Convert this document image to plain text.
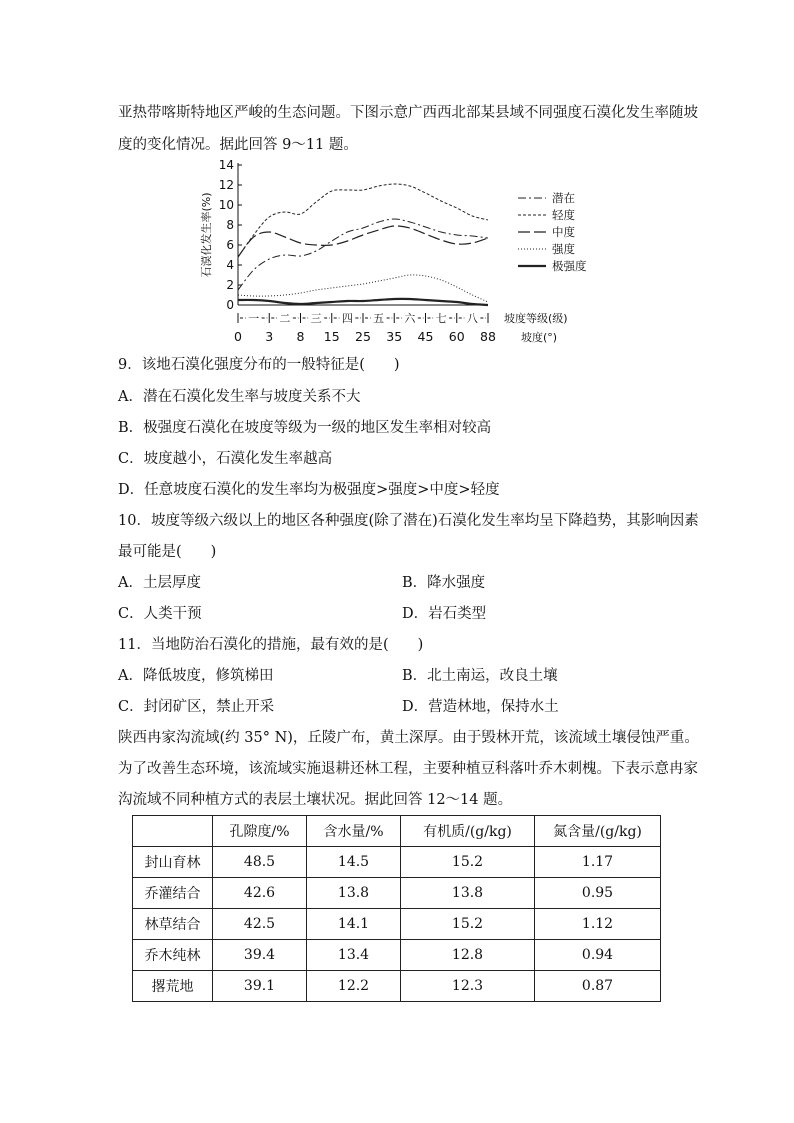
亚热带喀斯特地区严峻的生态问题。下图示意广西西北部某县域不同强度石漠化发生率随坡
度的变化情况。据此回答 9～11 题。
0
2
4
6
8
10
12
14
石漠化发生率(%)
一 二 三 四 五 六 七 八 坡度等级(级)
0 3 8 15 25 35 45 60 88 坡度(°)
潜在
轻度
中度
强度
极强度
9．该地石漠化强度分布的一般特征是(　　)
A．潜在石漠化发生率与坡度关系不大
B．极强度石漠化在坡度等级为一级的地区发生率相对较高
C．坡度越小，石漠化发生率越高
D．任意坡度石漠化的发生率均为极强度>强度>中度>轻度
10．坡度等级六级以上的地区各种强度(除了潜在)石漠化发生率均呈下降趋势，其影响因素
最可能是(　　)
A．土层厚度	B．降水强度
C．人类干预	D．岩石类型
11．当地防治石漠化的措施，最有效的是(　　)
A．降低坡度，修筑梯田	B．北土南运，改良土壤
C．封闭矿区，禁止开采	D．营造林地，保持水土
陕西冉家沟流域(约 35° N)，丘陵广布，黄土深厚。由于毁林开荒，该流域土壤侵蚀严重。
为了改善生态环境，该流域实施退耕还林工程，主要种植豆科落叶乔木刺槐。下表示意冉家
沟流域不同种植方式的表层土壤状况。据此回答 12～14 题。
	孔隙度/%	含水量/%	有机质/(g/kg)	氮含量/(g/kg)
封山育林	48.5	14.5	15.2	1.17
乔灌结合	42.6	13.8	13.8	0.95
林草结合	42.5	14.1	15.2	1.12
乔木纯林	39.4	13.4	12.8	0.94
撂荒地	39.1	12.2	12.3	0.87
